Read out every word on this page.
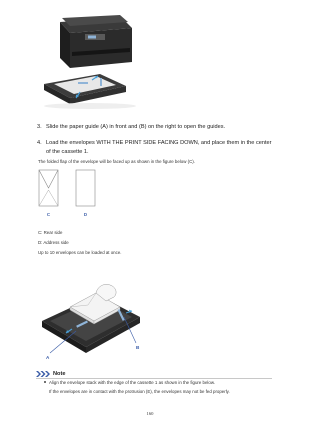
3. Slide the paper guide (A) in front and (B) on the right to open the guides.
4. Load the envelopes WITH THE PRINT SIDE FACING DOWN, and place them in the center
of the cassette 1.
The folded flap of the envelope will be faced up as shown in the figure below (C).
C	D
C: Rear side
D: Address side
Up to 10 envelopes can be loaded at once.
A
B
Note
Align the envelope stack with the edge of the cassette 1 as shown in the figure below.
If the envelopes are in contact with the protrusion (E), the envelopes may not be fed properly.
160
